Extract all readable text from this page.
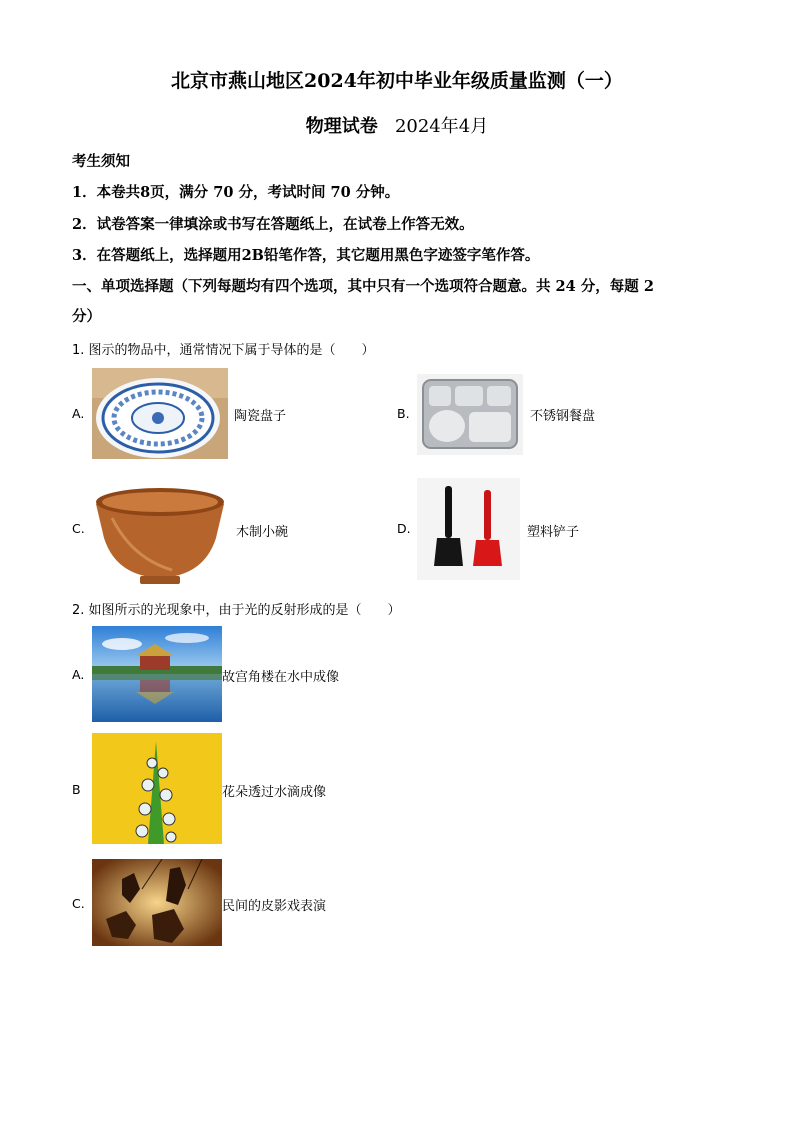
北京市燕山地区2024年初中毕业年级质量监测（一）
物理试卷 2024年4月
考生须知
1．本卷共8页，满分 70 分，考试时间 70 分钟。
2．试卷答案一律填涂或书写在答题纸上，在试卷上作答无效。
3．在答题纸上，选择题用2B铅笔作答，其它题用黑色字迹签字笔作答。
一、单项选择题（下列每题均有四个选项，其中只有一个选项符合题意。共 24 分，每题 2
分）
1. 图示的物品中，通常情况下属于导体的是（　　）
A.	陶瓷盘子	B.	不锈钢餐盘
C.	木制小碗	D.	塑料铲子
2. 如图所示的光现象中，由于光的反射形成的是（　　）
A.	故宫角楼在水中成像
B	花朵透过水滴成像
C.	民间的皮影戏表演
